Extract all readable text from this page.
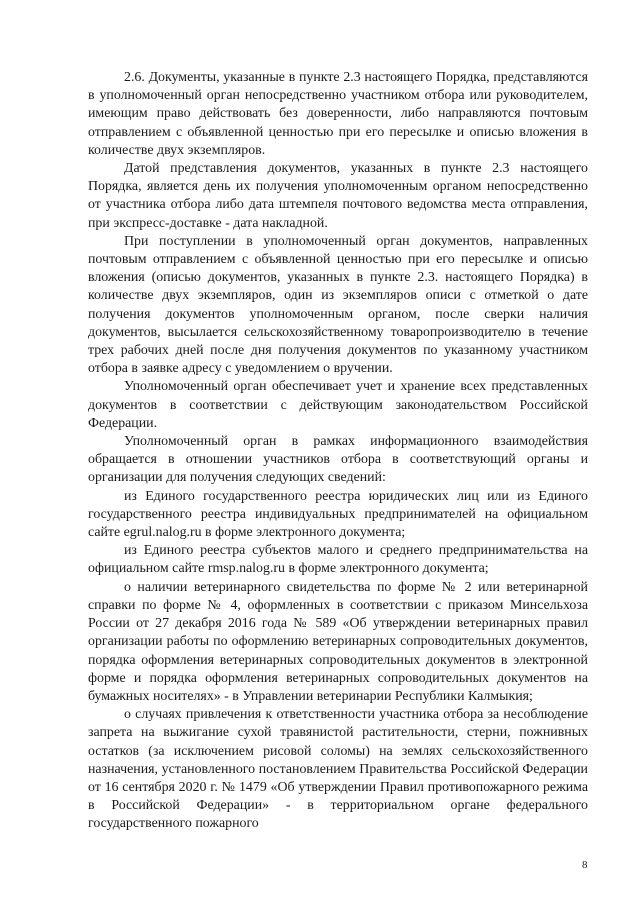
2.6. Документы, указанные в пункте 2.3 настоящего Порядка, представляются в уполномоченный орган непосредственно участником отбора или руководителем, имеющим право действовать без доверенности, либо направляются почтовым отправлением с объявленной ценностью при его пересылке и описью вложения в количестве двух экземпляров.

Датой представления документов, указанных в пункте 2.3 настоящего Порядка, является день их получения уполномоченным органом непосредственно от участника отбора либо дата штемпеля почтового ведомства места отправления, при экспресс-доставке - дата накладной.

При поступлении в уполномоченный орган документов, направленных почтовым отправлением с объявленной ценностью при его пересылке и описью вложения (описью документов, указанных в пункте 2.3. настоящего Порядка) в количестве двух экземпляров, один из экземпляров описи с отметкой о дате получения документов уполномоченным органом, после сверки наличия документов, высылается сельскохозяйственному товаропроизводителю в течение трех рабочих дней после дня получения документов по указанному участником отбора в заявке адресу с уведомлением о вручении.

Уполномоченный орган обеспечивает учет и хранение всех представленных документов в соответствии с действующим законодательством Российской Федерации.

Уполномоченный орган в рамках информационного взаимодействия обращается в отношении участников отбора в соответствующий органы и организации для получения следующих сведений:

из Единого государственного реестра юридических лиц или из Единого государственного реестра индивидуальных предпринимателей на официальном сайте egrul.nalog.ru в форме электронного документа;

из Единого реестра субъектов малого и среднего предпринимательства на официальном сайте rmsp.nalog.ru в форме электронного документа;

о наличии ветеринарного свидетельства по форме № 2 или ветеринарной справки по форме № 4, оформленных в соответствии с приказом Минсельхоза России от 27 декабря 2016 года № 589 «Об утверждении ветеринарных правил организации работы по оформлению ветеринарных сопроводительных документов, порядка оформления ветеринарных сопроводительных документов в электронной форме и порядка оформления ветеринарных сопроводительных документов на бумажных носителях» - в Управлении ветеринарии Республики Калмыкия;

о случаях привлечения к ответственности участника отбора за несоблюдение запрета на выжигание сухой травянистой растительности, стерни, пожнивных остатков (за исключением рисовой соломы) на землях сельскохозяйственного назначения, установленного постановлением Правительства Российской Федерации от 16 сентября 2020 г. № 1479 «Об утверждении Правил противопожарного режима в Российской Федерации» - в территориальном органе федерального государственного пожарного

8
